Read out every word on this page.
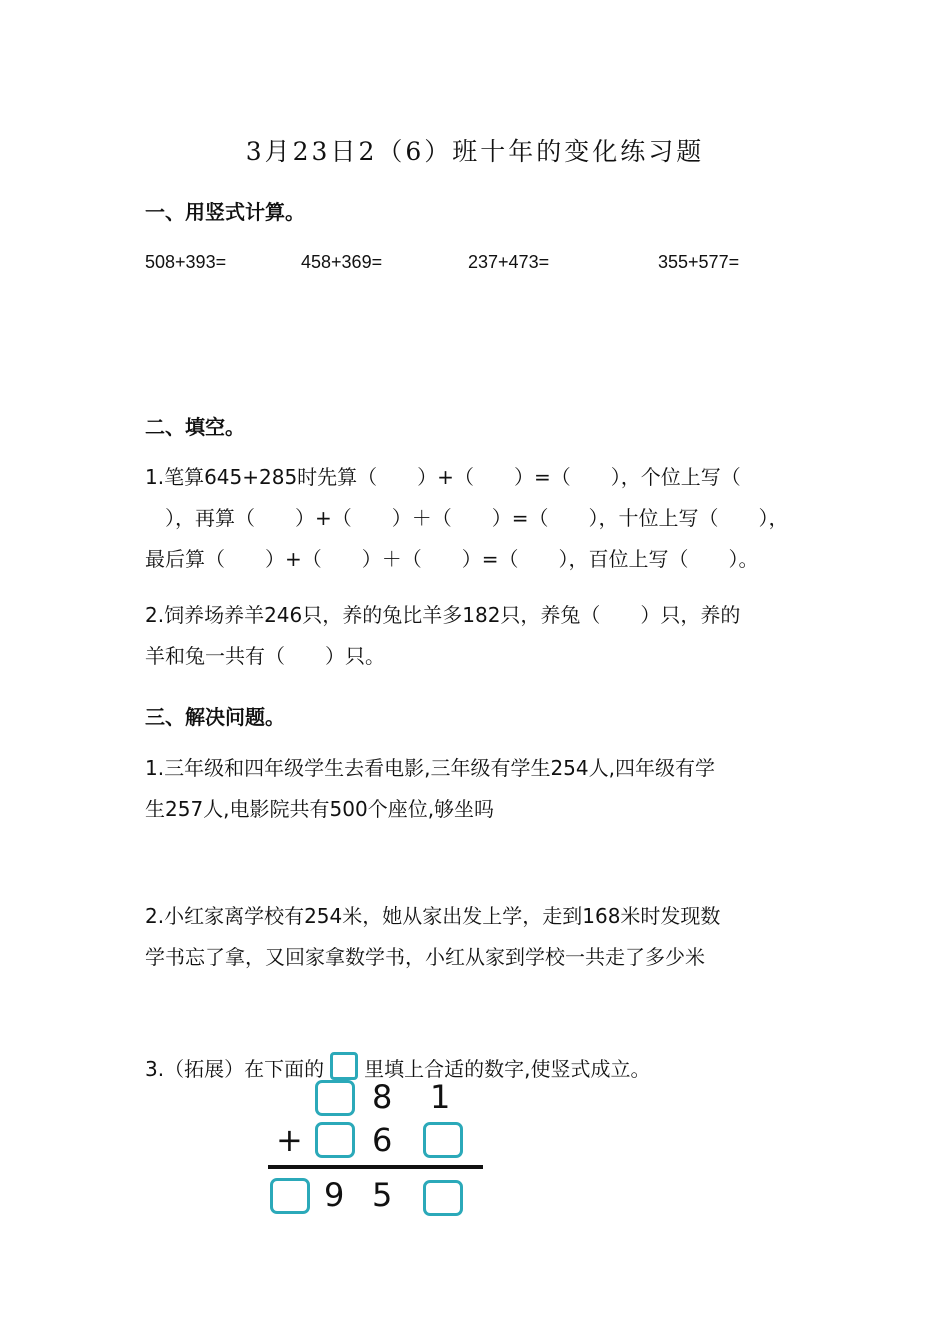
3月23日2（6）班十年的变化练习题
一、用竖式计算。
508+393=	458+369=	237+473=	355+577=
二、填空。
1.笔算645+285时先算（　　）+（　　）=（　　），个位上写（
　），再算（　　）+（　　）＋（　　）=（　　），十位上写（　　），
最后算（　　）+（　　）＋（　　）=（　　），百位上写（　　）。
2.饲养场养羊246只，养的兔比羊多182只，养兔（　　）只，养的
羊和兔一共有（　　）只。
三、解决问题。
1.三年级和四年级学生去看电影,三年级有学生254人,四年级有学
生257人,电影院共有500个座位,够坐吗
2.小红家离学校有254米，她从家出发上学，走到168米时发现数
学书忘了拿，又回家拿数学书，小红从家到学校一共走了多少米
3.（拓展）在下面的 里填上合适的数字,使竖式成立。
8 1
+ 6
9 5
